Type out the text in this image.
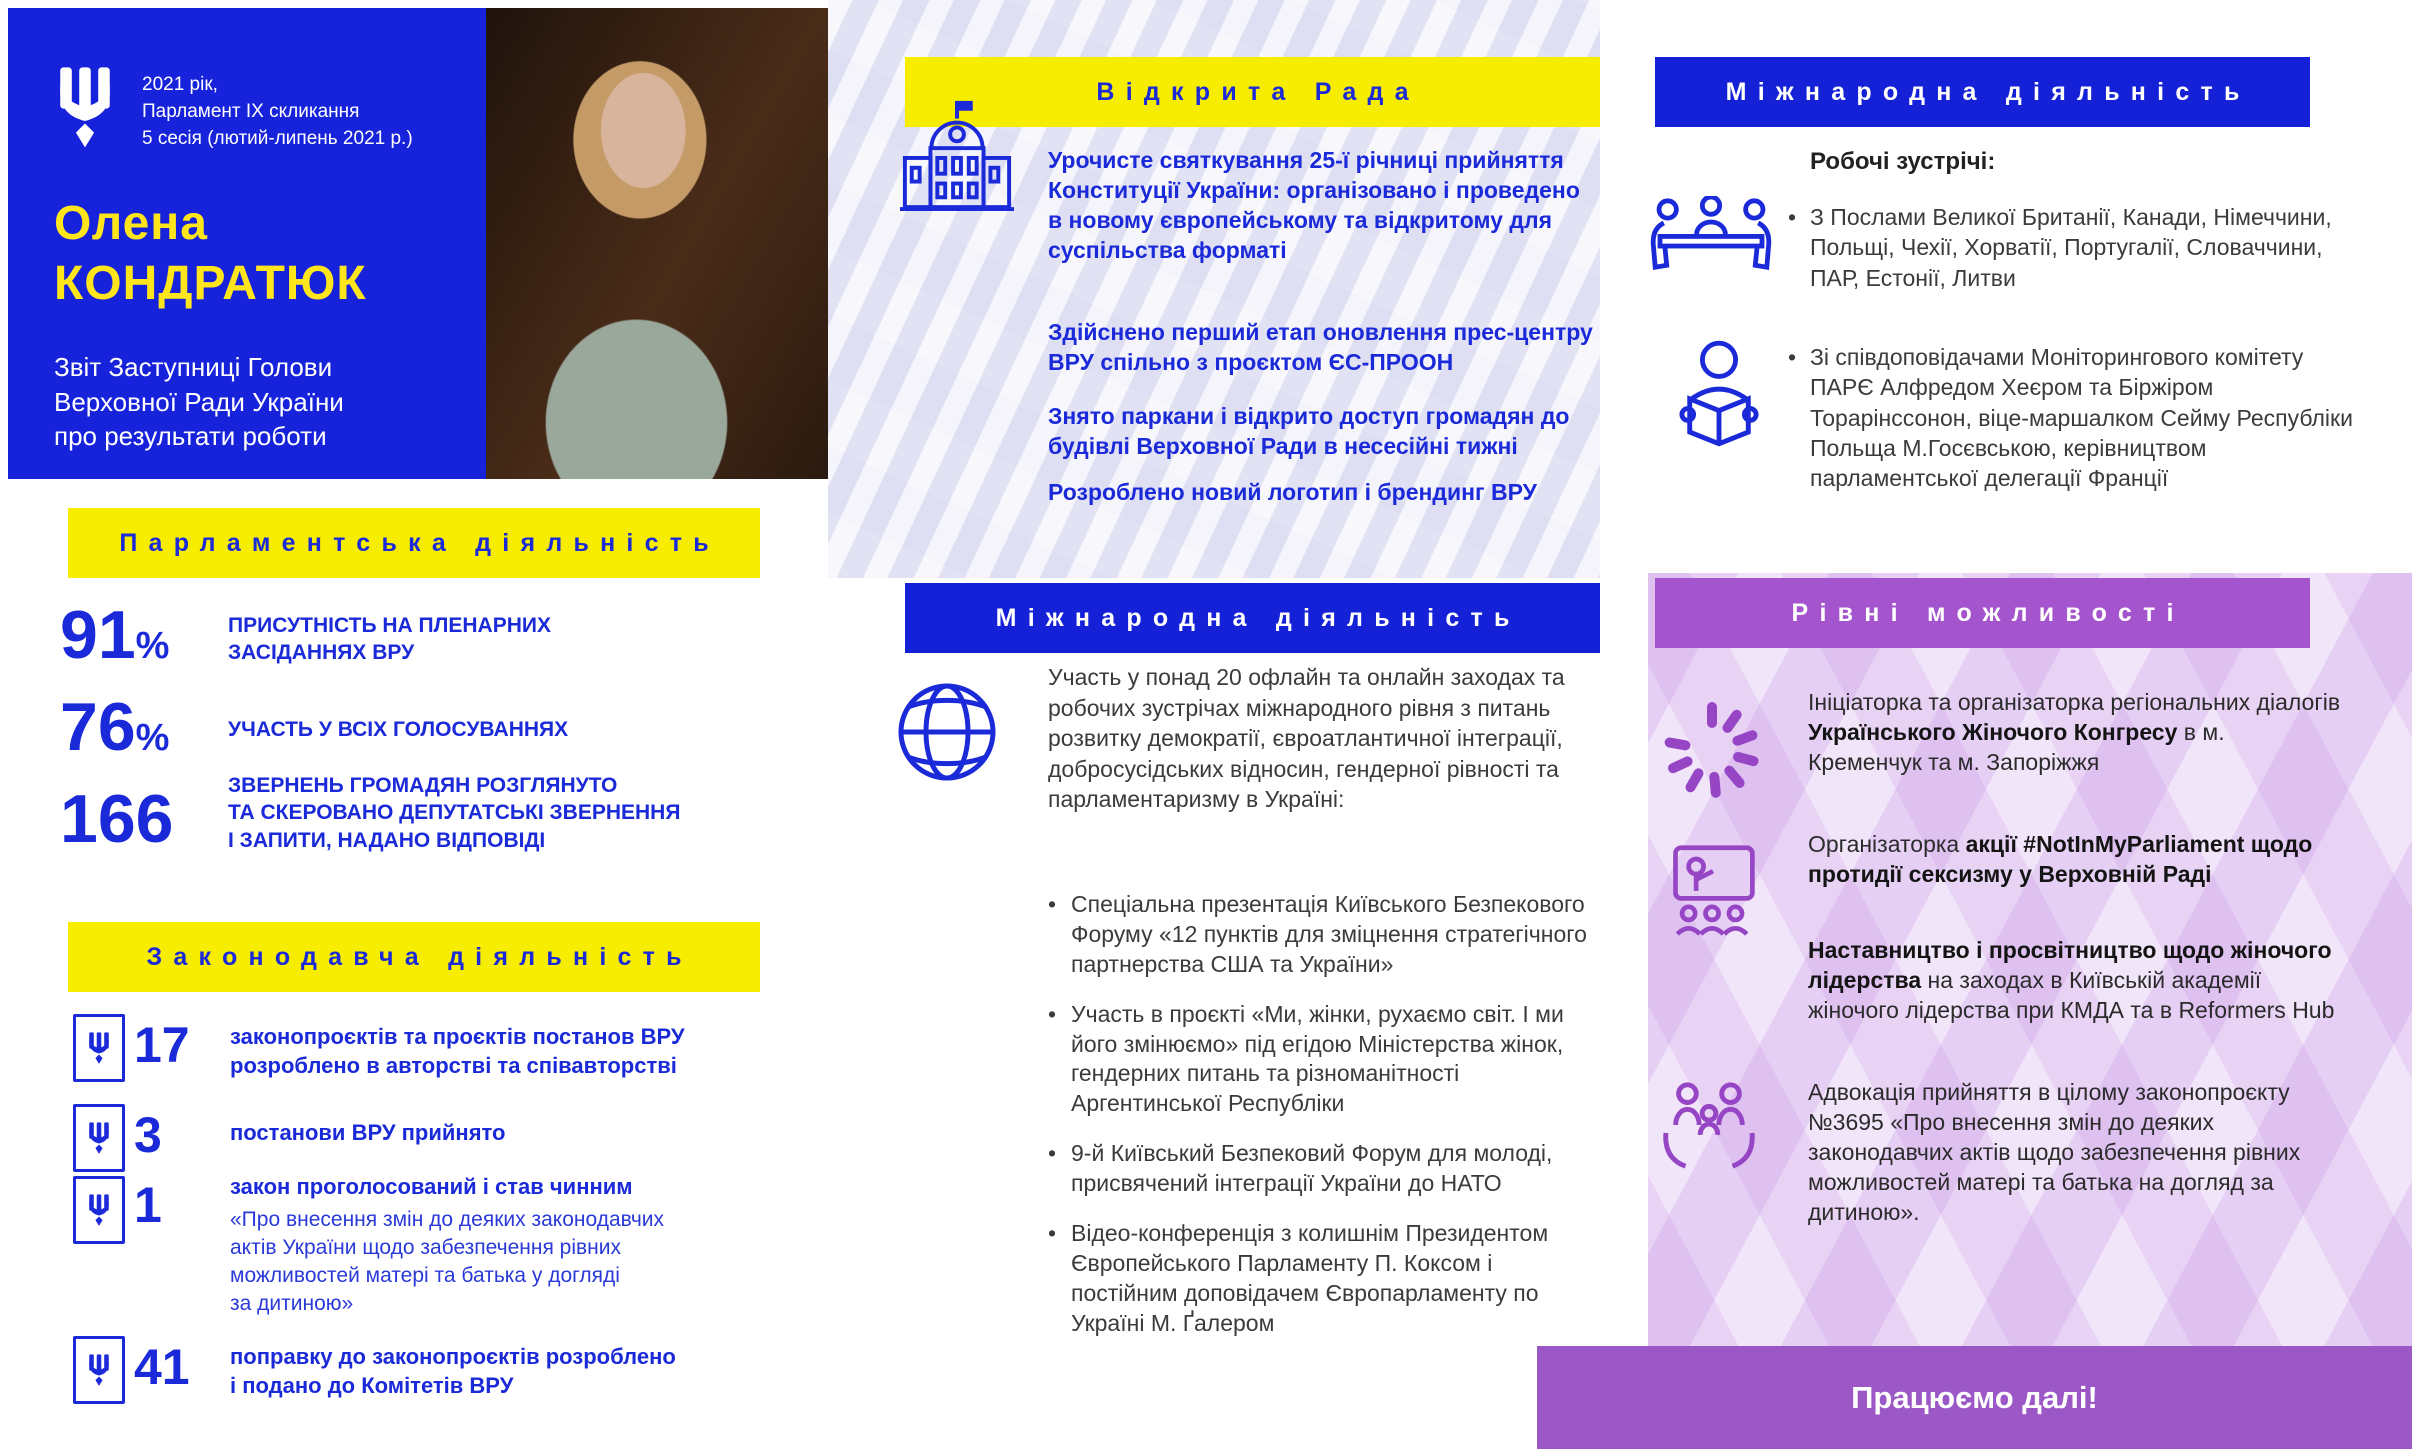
2021 рік,
Парламент IX скликання
5 сесія (лютий-липень 2021 р.)
Олена
КОНДРАТЮК
Звіт Заступниці Голови
Верховної Ради України
про результати роботи
Парламентська діяльність
91%	ПРИСУТНІСТЬ НА ПЛЕНАРНИХ
ЗАСІДАННЯХ ВРУ
76%	УЧАСТЬ У ВСІХ ГОЛОСУВАННЯХ
166	ЗВЕРНЕНЬ ГРОМАДЯН РОЗГЛЯНУТО
ТА СКЕРОВАНО ДЕПУТАТСЬКІ ЗВЕРНЕННЯ
І ЗАПИТИ, НАДАНО ВІДПОВІДІ
Законодавча діяльність
17 законопроєктів та проєктів постанов ВРУ
розроблено в авторстві та співавторстві
3	постанови ВРУ прийнято
1	закон проголосований і став чинним
«Про внесення змін до деяких законодавчих
актів України щодо забезпечення рівних
можливостей матері та батька у догляді
за дитиною»
41 поправку до законопроєктів розроблено
і подано до Комітетів ВРУ
Відкрита Рада
Урочисте святкування 25-ї річниці прийняття Конституції України: організовано і проведено в новому європейському та відкритому для суспільства форматі
Здійснено перший етап оновлення прес-центру ВРУ спільно з проєктом ЄС-ПРООН
Знято паркани і відкрито доступ громадян до будівлі Верховної Ради в несесійні тижні
Розроблено новий логотип і брендинг ВРУ
Міжнародна діяльність
Участь у понад 20 офлайн та онлайн заходах та робочих зустрічах міжнародного рівня з питань розвитку демократії, євроатлантичної інтеграції, добросусідських відносин, гендерної рівності та парламентаризму в Україні:
• Спеціальна презентація Київського Безпекового Форуму «12 пунктів для зміцнення стратегічного партнерства США та України»
• Участь в проєкті «Ми, жінки, рухаємо світ. І ми його змінюємо» під егідою Міністерства жінок, гендерних питань та різноманітності Аргентинської Республіки
• 9-й Київський Безпековий Форум для молоді, присвячений інтеграції України до НАТО
• Відео-конференція з колишнім Президентом Європейського Парламенту П. Коксом і постійним доповідачем Європарламенту по Україні М. Ґалером
Міжнародна діяльність
Робочі зустрічі:
• З Послами Великої Британії, Канади, Німеччини, Польщі, Чехії, Хорватії, Португалії, Словаччини, ПАР, Естонії, Литви
• Зі співдоповідачами Моніторингового комітету ПАРЄ Алфредом Хеєром та Біржіром Торарінссонон, віце-маршалком Сейму Республіки Польща М.Госєвською, керівництвом парламентської делегації Франції
Рівні можливості
Ініціаторка та організаторка регіональних діалогів Українського Жіночого Конгресу в м. Кременчук та м. Запоріжжя
Організаторка акції #NotInMyParliament щодо протидії сексизму у Верховній Раді
Наставництво і просвітництво щодо жіночого лідерства на заходах в Київській академії жіночого лідерства при КМДА та в Reformers Hub
Адвокація прийняття в цілому законопроєкту №3695 «Про внесення змін до деяких законодавчих актів щодо забезпечення рівних можливостей матері та батька на догляд за дитиною».
Працюємо далі!
